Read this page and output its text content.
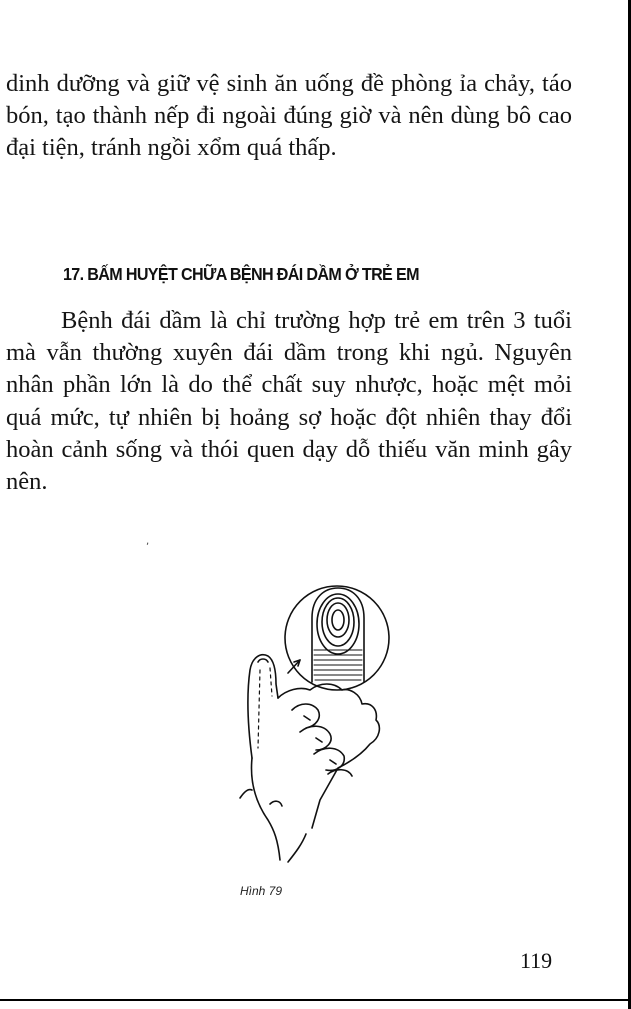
dinh dưỡng và giữ vệ sinh ăn uống đề phòng ỉa chảy, táo bón, tạo thành nếp đi ngoài đúng giờ và nên dùng bô cao đại tiện, tránh ngồi xổm quá thấp.

17. BẤM HUYỆT CHỮA BỆNH ĐÁI DẦM Ở TRẺ EM

Bệnh đái dầm là chỉ trường hợp trẻ em trên 3 tuổi mà vẫn thường xuyên đái dầm trong khi ngủ. Nguyên nhân phần lớn là do thể chất suy nhược, hoặc mệt mỏi quá mức, tự nhiên bị hoảng sợ hoặc đột nhiên thay đổi hoàn cảnh sống và thói quen dạy dỗ thiếu văn minh gây nên.

,
Hình 79
119
